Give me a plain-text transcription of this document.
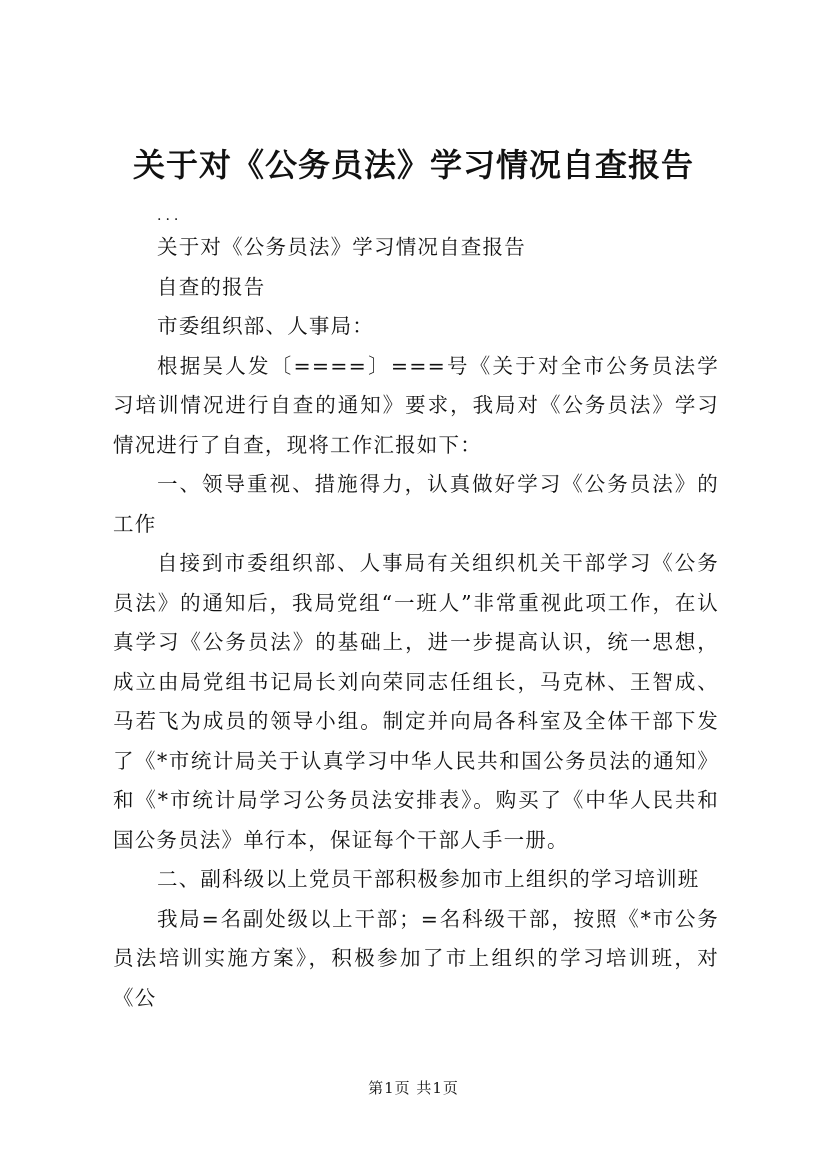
关于对《公务员法》学习情况自查报告

...

关于对《公务员法》学习情况自查报告

自查的报告

市委组织部、人事局：

根据吴人发〔====〕===号《关于对全市公务员法学习培训情况进行自查的通知》要求，我局对《公务员法》学习情况进行了自查，现将工作汇报如下：

一、领导重视、措施得力，认真做好学习《公务员法》的工作

自接到市委组织部、人事局有关组织机关干部学习《公务员法》的通知后，我局党组“一班人”非常重视此项工作，在认真学习《公务员法》的基础上，进一步提高认识，统一思想，成立由局党组书记局长刘向荣同志任组长，马克林、王智成、马若飞为成员的领导小组。制定并向局各科室及全体干部下发了《*市统计局关于认真学习中华人民共和国公务员法的通知》和《*市统计局学习公务员法安排表》。购买了《中华人民共和国公务员法》单行本，保证每个干部人手一册。

二、副科级以上党员干部积极参加市上组织的学习培训班

我局=名副处级以上干部；=名科级干部，按照《*市公务员法培训实施方案》，积极参加了市上组织的学习培训班，对《公

第1页 共1页
